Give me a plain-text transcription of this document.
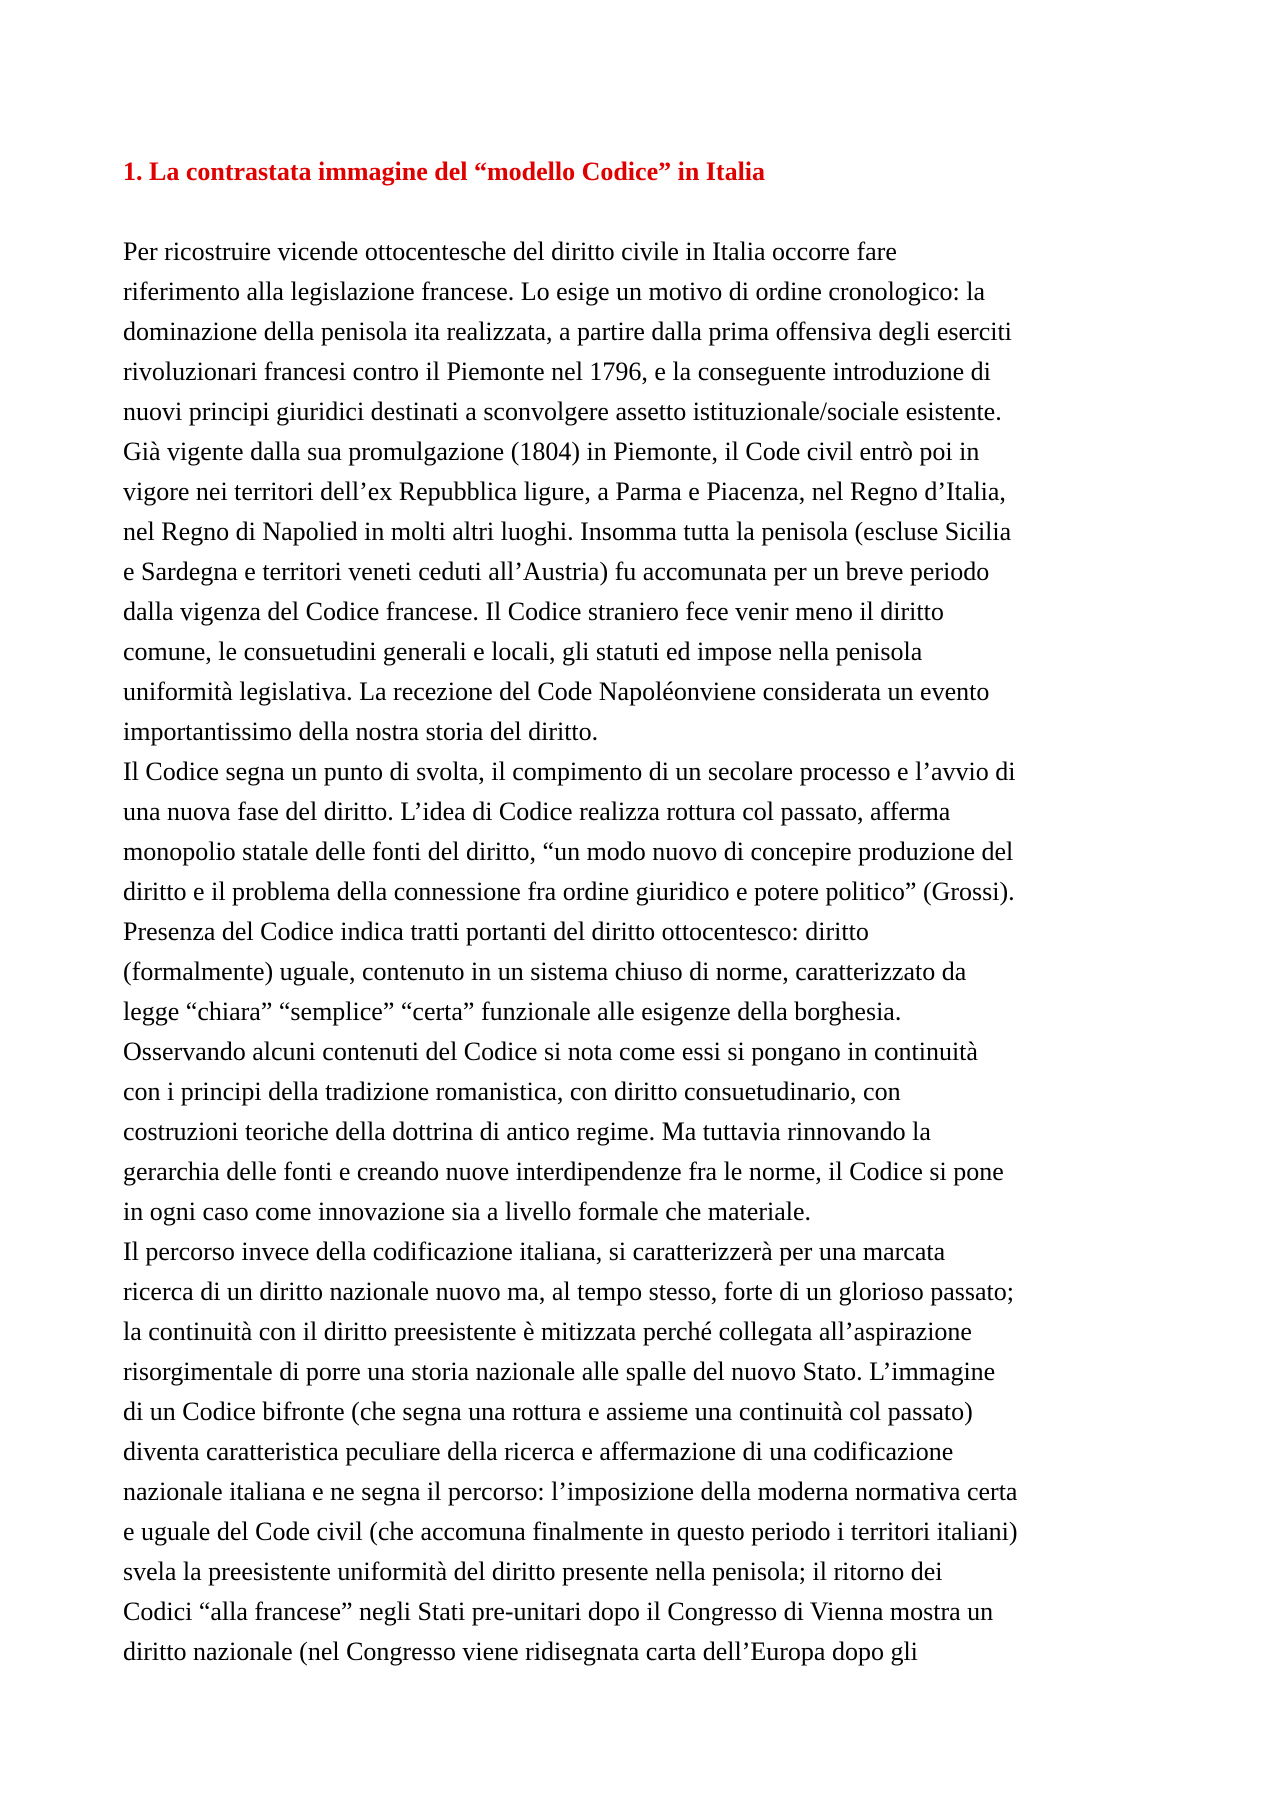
1. La contrastata immagine del “modello Codice” in Italia
Per ricostruire vicende ottocentesche del diritto civile in Italia occorre fare
riferimento alla legislazione francese. Lo esige un motivo di ordine cronologico: la
dominazione della penisola ita realizzata, a partire dalla prima offensiva degli eserciti
rivoluzionari francesi contro il Piemonte nel 1796, e la conseguente introduzione di
nuovi principi giuridici destinati a sconvolgere assetto istituzionale/sociale esistente.
Già vigente dalla sua promulgazione (1804) in Piemonte, il Code civil entrò poi in
vigore nei territori dell’ex Repubblica ligure, a Parma e Piacenza, nel Regno d’Italia,
nel Regno di Napolied in molti altri luoghi. Insomma tutta la penisola (escluse Sicilia
e Sardegna e territori veneti ceduti all’Austria) fu accomunata per un breve periodo
dalla vigenza del Codice francese. Il Codice straniero fece venir meno il diritto
comune, le consuetudini generali e locali, gli statuti ed impose nella penisola
uniformità legislativa. La recezione del Code Napoléonviene considerata un evento
importantissimo della nostra storia del diritto.
Il Codice segna un punto di svolta, il compimento di un secolare processo e l’avvio di
una nuova fase del diritto. L’idea di Codice realizza rottura col passato, afferma
monopolio statale delle fonti del diritto, “un modo nuovo di concepire produzione del
diritto e il problema della connessione fra ordine giuridico e potere politico” (Grossi).
Presenza del Codice indica tratti portanti del diritto ottocentesco: diritto
(formalmente) uguale, contenuto in un sistema chiuso di norme, caratterizzato da
legge “chiara” “semplice” “certa” funzionale alle esigenze della borghesia.
Osservando alcuni contenuti del Codice si nota come essi si pongano in continuità
con i principi della tradizione romanistica, con diritto consuetudinario, con
costruzioni teoriche della dottrina di antico regime. Ma tuttavia rinnovando la
gerarchia delle fonti e creando nuove interdipendenze fra le norme, il Codice si pone
in ogni caso come innovazione sia a livello formale che materiale.
Il percorso invece della codificazione italiana, si caratterizzerà per una marcata
ricerca di un diritto nazionale nuovo ma, al tempo stesso, forte di un glorioso passato;
la continuità con il diritto preesistente è mitizzata perché collegata all’aspirazione
risorgimentale di porre una storia nazionale alle spalle del nuovo Stato. L’immagine
di un Codice bifronte (che segna una rottura e assieme una continuità col passato)
diventa caratteristica peculiare della ricerca e affermazione di una codificazione
nazionale italiana e ne segna il percorso: l’imposizione della moderna normativa certa
e uguale del Code civil (che accomuna finalmente in questo periodo i territori italiani)
svela la preesistente uniformità del diritto presente nella penisola; il ritorno dei
Codici “alla francese” negli Stati pre-unitari dopo il Congresso di Vienna mostra un
diritto nazionale (nel Congresso viene ridisegnata carta dell’Europa dopo gli
